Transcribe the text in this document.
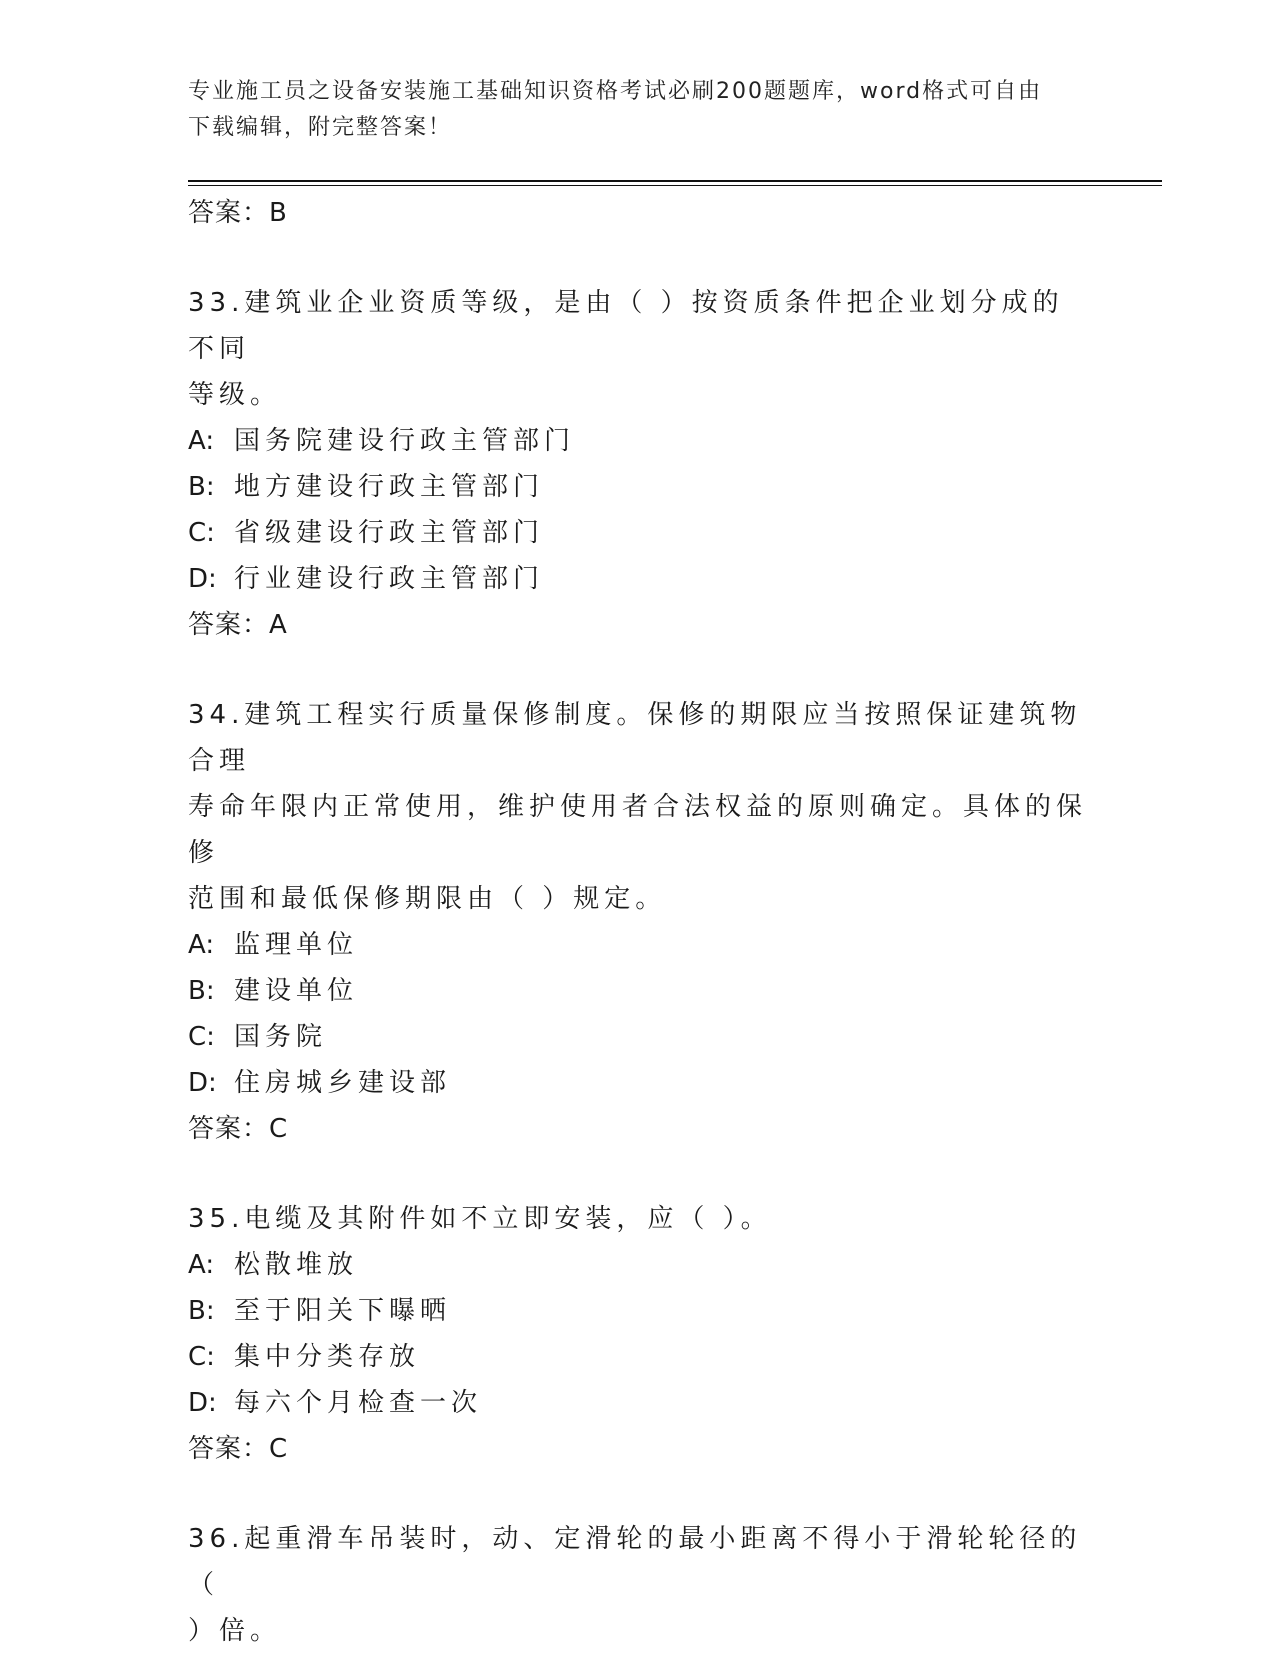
专业施工员之设备安装施工基础知识资格考试必刷200题题库，word格式可自由
下载编辑，附完整答案！
答案：B
33.建筑业企业资质等级，是由（ ）按资质条件把企业划分成的不同
等级。
A: 国务院建设行政主管部门
B: 地方建设行政主管部门
C: 省级建设行政主管部门
D: 行业建设行政主管部门
答案：A
34.建筑工程实行质量保修制度。保修的期限应当按照保证建筑物合理
寿命年限内正常使用，维护使用者合法权益的原则确定。具体的保修
范围和最低保修期限由（ ）规定。
A: 监理单位
B: 建设单位
C: 国务院
D: 住房城乡建设部
答案：C
35.电缆及其附件如不立即安装，应（ ）。
A: 松散堆放
B: 至于阳关下曝晒
C: 集中分类存放
D: 每六个月检查一次
答案：C
36.起重滑车吊装时，动、定滑轮的最小距离不得小于滑轮轮径的（
）倍。
